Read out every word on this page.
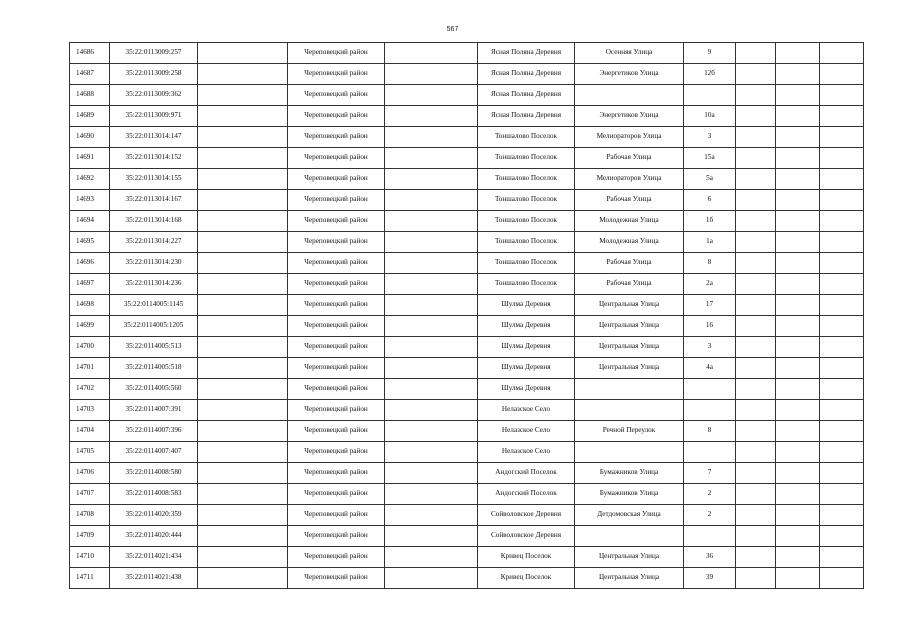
567
14686	35:22:0113009:257		Череповецкий район		Ясная Поляна Деревня	Осенняя Улица	9			
14687	35:22:0113009:258		Череповецкий район		Ясная Поляна Деревня	Энергетиков Улица	12б			
14688	35:22:0113009:362		Череповецкий район		Ясная Поляна Деревня					
14689	35:22:0113009:971		Череповецкий район		Ясная Поляна Деревня	Энергетиков Улица	10а			
14690	35:22:0113014:147		Череповецкий район		Тоншалово Поселок	Мелиораторов Улица	3			
14691	35:22:0113014:152		Череповецкий район		Тоншалово Поселок	Рабочая Улица	15а			
14692	35:22:0113014:155		Череповецкий район		Тоншалово Поселок	Мелиораторов Улица	5а			
14693	35:22:0113014:167		Череповецкий район		Тоншалово Поселок	Рабочая Улица	6			
14694	35:22:0113014:168		Череповецкий район		Тоншалово Поселок	Молодежная Улица	1б			
14695	35:22:0113014:227		Череповецкий район		Тоншалово Поселок	Молодежная Улица	1а			
14696	35:22:0113014:230		Череповецкий район		Тоншалово Поселок	Рабочая Улица	8			
14697	35:22:0113014:236		Череповецкий район		Тоншалово Поселок	Рабочая Улица	2а			
14698	35:22:0114005:1145		Череповецкий район		Шулма Деревня	Центральная Улица	17			
14699	35:22:0114005:1205		Череповецкий район		Шулма Деревня	Центральная Улица	16			
14700	35:22:0114005:513		Череповецкий район		Шулма Деревня	Центральная Улица	3			
14701	35:22:0114005:518		Череповецкий район		Шулма Деревня	Центральная Улица	4а			
14702	35:22:0114005:560		Череповецкий район		Шулма Деревня					
14703	35:22:0114007:391		Череповецкий район		Нелазское Село					
14704	35:22:0114007:396		Череповецкий район		Нелазское Село	Речной Переулок	8			
14705	35:22:0114007:407		Череповецкий район		Нелазское Село					
14706	35:22:0114008:580		Череповецкий район		Андогский Поселок	Бумажников Улица	7			
14707	35:22:0114008:583		Череповецкий район		Андогский Поселок	Бумажников Улица	2			
14708	35:22:0114020:359		Череповецкий район		Сойволовское Деревня	Детдомовская Улица	2			
14709	35:22:0114020:444		Череповецкий район		Сойволовское Деревня					
14710	35:22:0114021:434		Череповецкий район		Кривец Поселок	Центральная Улица	36			
14711	35:22:0114021:438		Череповецкий район		Кривец Поселок	Центральная Улица	39			
